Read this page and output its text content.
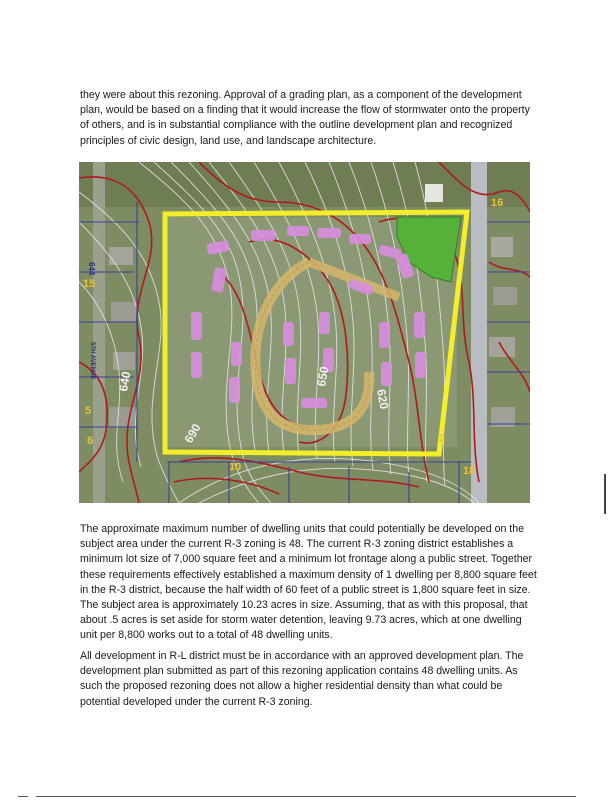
they were about this rezoning. Approval of a grading plan, as a component of the development plan, would be based on a finding that it would increase the flow of stormwater onto the property of others, and is in substantial compliance with the outline development plan and recognized principles of civic design, land use, and landscape architecture.

650
620
640
690
15
5
6
10
16
18
2
644
5TH AVENUE

The approximate maximum number of dwelling units that could potentially be developed on the subject area under the current R-3 zoning is 48. The current R-3 zoning district establishes a minimum lot size of 7,000 square feet and a minimum lot frontage along a public street. Together these requirements effectively established a maximum density of 1 dwelling per 8,800 square feet in the R-3 district, because the half width of 60 feet of a public street is 1,800 square feet in size. The subject area is approximately 10.23 acres in size. Assuming, that as with this proposal, that about .5 acres is set aside for storm water detention, leaving 9.73 acres, which at one dwelling unit per 8,800 works out to a total of 48 dwelling units.

All development in R-L district must be in accordance with an approved development plan. The development plan submitted as part of this rezoning application contains 48 dwelling units. As such the proposed rezoning does not allow a higher residential density than what could be potential developed under the current R-3 zoning.
